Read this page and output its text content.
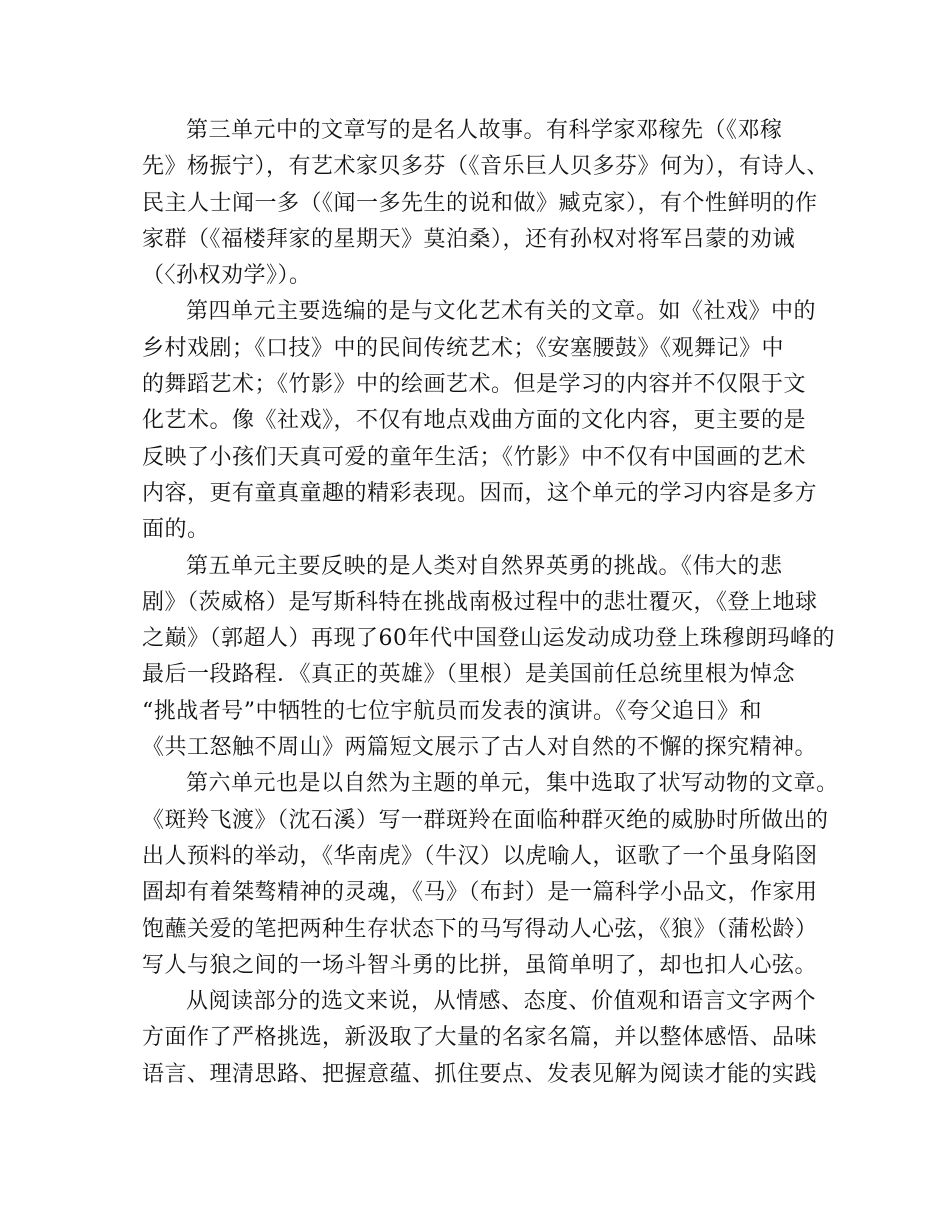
第三单元中的文章写的是名人故事。有科学家邓稼先（《邓稼
先》杨振宁），有艺术家贝多芬（《音乐巨人贝多芬》何为），有诗人、
民主人士闻一多（《闻一多先生的说和做》臧克家），有个性鲜明的作
家群（《福楼拜家的星期天》莫泊桑），还有孙权对将军吕蒙的劝诫
（〈孙权劝学》）。

第四单元主要选编的是与文化艺术有关的文章。如《社戏》中的
乡村戏剧；《口技》中的民间传统艺术；《安塞腰鼓》《观舞记》中
的舞蹈艺术；《竹影》中的绘画艺术。但是学习的内容并不仅限于文
化艺术。像《社戏》，不仅有地点戏曲方面的文化内容，更主要的是
反映了小孩们天真可爱的童年生活；《竹影》中不仅有中国画的艺术
内容，更有童真童趣的精彩表现。因而，这个单元的学习内容是多方
面的。

第五单元主要反映的是人类对自然界英勇的挑战。《伟大的悲
剧》（茨威格）是写斯科特在挑战南极过程中的悲壮覆灭，《登上地球
之巅》（郭超人）再现了60年代中国登山运发动成功登上珠穆朗玛峰的
最后一段路程．《真正的英雄》（里根）是美国前任总统里根为悼念
“挑战者号”中牺牲的七位宇航员而发表的演讲。《夸父追日》和
《共工怒触不周山》两篇短文展示了古人对自然的不懈的探究精神。

第六单元也是以自然为主题的单元，集中选取了状写动物的文章。
《斑羚飞渡》（沈石溪）写一群斑羚在面临种群灭绝的威胁时所做出的
出人预料的举动，《华南虎》（牛汉）以虎喻人，讴歌了一个虽身陷囹
圄却有着桀骜精神的灵魂，《马》（布封）是一篇科学小品文，作家用
饱蘸关爱的笔把两种生存状态下的马写得动人心弦，《狼》（蒲松龄）
写人与狼之间的一场斗智斗勇的比拼，虽简单明了，却也扣人心弦。

从阅读部分的选文来说，从情感、态度、价值观和语言文字两个
方面作了严格挑选，新汲取了大量的名家名篇，并以整体感悟、品味
语言、理清思路、把握意蕴、抓住要点、发表见解为阅读才能的实践
